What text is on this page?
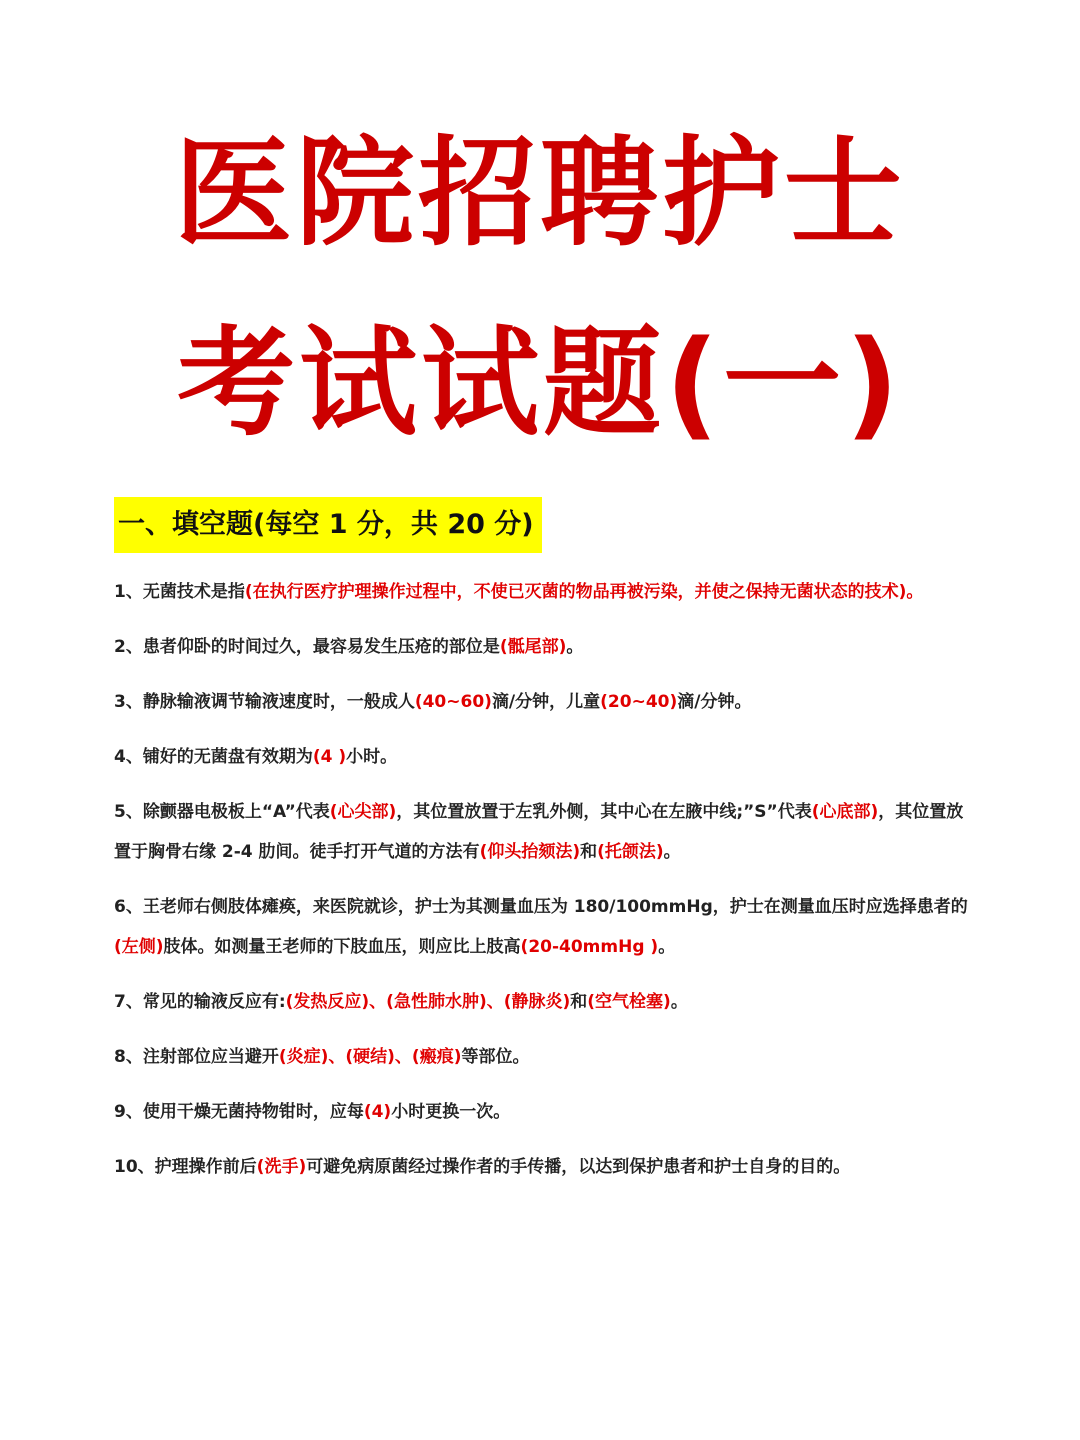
医院招聘护士
考试试题(一)
一、填空题(每空 1 分，共 20 分)
1、无菌技术是指(在执行医疗护理操作过程中，不使已灭菌的物品再被污染，并使之保持无菌状态的技术)。
2、患者仰卧的时间过久，最容易发生压疮的部位是(骶尾部)。
3、静脉输液调节输液速度时，一般成人(40~60)滴/分钟，儿童(20~40)滴/分钟。
4、铺好的无菌盘有效期为(4 )小时。
5、除颤器电极板上“A”代表(心尖部)，其位置放置于左乳外侧，其中心在左腋中线;”S”代表(心底部)，其位置放置于胸骨右缘 2-4 肋间。徒手打开气道的方法有(仰头抬颏法)和(托颌法)。
6、王老师右侧肢体瘫痪，来医院就诊，护士为其测量血压为 180/100mmHg，护士在测量血压时应选择患者的(左侧)肢体。如测量王老师的下肢血压，则应比上肢高(20-40mmHg )。
7、常见的输液反应有:(发热反应)、(急性肺水肿)、(静脉炎)和(空气栓塞)。
8、注射部位应当避开(炎症)、(硬结)、(瘢痕)等部位。
9、使用干燥无菌持物钳时，应每(4)小时更换一次。
10、护理操作前后(洗手)可避免病原菌经过操作者的手传播，以达到保护患者和护士自身的目的。
